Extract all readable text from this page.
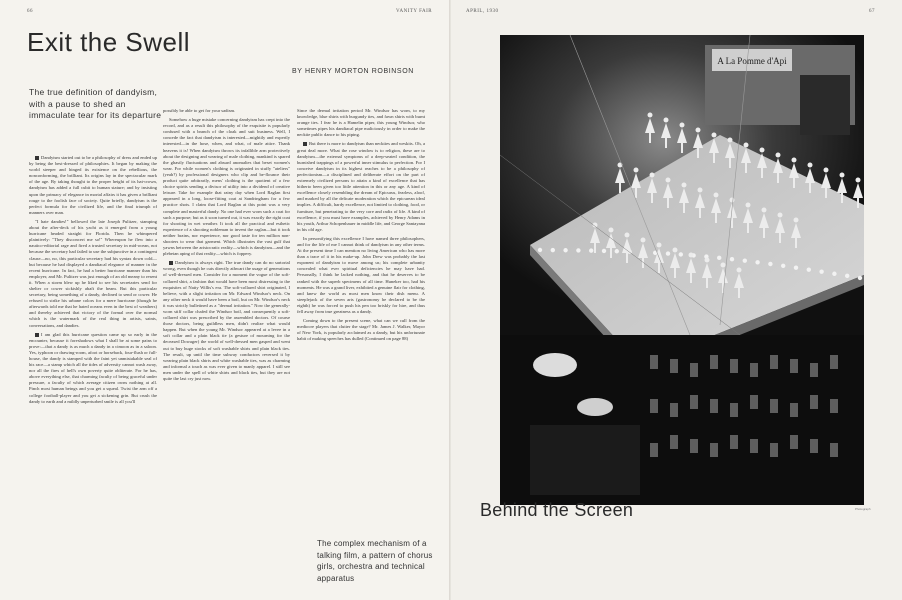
66	VANITY FAIR
Exit the Swell
BY HENRY MORTON ROBINSON
The true definition of dandyism, with a pause to shed an immaculate tear for its departure

Dandyism started out to be a philosophy of dress and ended up by being the best-dressed of philosophies. It began by making the world steeper and hinged its existence on the rebellious, the nonconforming, the brilliant. Its origins lay in the spectacular mark of the age. By taking thought to the proper height of its hat-crown, dandyism has added a full cubit to human stature; and by insisting upon the primacy of elegance in mortal affairs it has given a brilliant rouge to the foolish face of society. Quite briefly, dandyism is the perfect formula for the civilized life, and the final triumph of manners over man.

"I hate dandies!" bellowed the late Joseph Pulitzer, stamping about the after-deck of his yacht as it emerged from a young hurricane headed straight for Florida. Then he whimpered plaintively: "They disconcert me so!" Whereupon he flew into a nautico-editorial rage and fired a trusted secretary in mid-ocean, not because the secretary had failed to use the subjunctive in a contingent clause—no, no, this particular secretary had his syntax down cold—but because he had displayed a dandiacal elegance of manner in the recent hurricane. In fact, he had a better hurricane manner than his employer, and Mr. Pulitzer was just enough of an old meany to resent it. When a storm blew up he liked to see his secretaries send for shelter or cower sickishly abaft the beam. But this particular secretary, being something of a dandy, declined to send or cower. He refused to strike his urbane colors for a mere hurricane (though he afterwards told me that he hated oceans even in the best of weathers) and thereby achieved that victory of the formal over the normal which is the watermark of the real thing in artists, saints, conversations, and dandies.

I am glad this hurricane question came up so early in the encounter, because it foreshadows what I shall be at some pains to prove:—that a dandy is as much a dandy in a cimoon as in a saloon. Yes, typhoon or drawing-room, afoot or horseback, four-flush or full-house, the dandy is stamped with the faint yet unmistakable seal of his race—a stamp which all the tides of adversity cannot wash away, nor all the fires of hell's own poverty quite obliterate. For he has, above everything else, that charming faculty of being graceful under pressure, a faculty of which average citizen owns nothing at all. Pinch most human beings and you get a squeal. Twist the arm off a college football-player and you get a sickening grin. But crush the dandy to earth and a mildly unperturbed smile is all you'll

possibly be able to get for your sadism.

Somehow a huge mistake concerning dandyism has crept into the record, and as a result this philosophy of the exquisite is popularly confused with a branch of the cloak and suit business. Well, I concede the fact that dandyism is interested—mightily and expertly interested—in the hose, when, and what, of male attire. Thank heavens it is! When dandyism throws its infallible arm protectively about the designing and wearing of male clothing, mankind is spared the ghastly fluctuations and absurd anomalies that beset women's wear. For while women's clothing is originated in stuffy "ateliers" (yeah?) by professional designers who clip and be-flounce their product quite arbitrarily, mens' clothing is the quotient of a few choice spirits sending a divisor of utility into a dividend of creative leisure. Take for example that rainy day when Lord Raglan first appeared in a long, loose-fitting coat at Sandringham for a few practice shots. I claim that Lord Raglan at this point was a very complete and masterful dandy. No one had ever worn such a coat for such a purpose; but as it soon turned out, it was exactly the right coat for shooting in wet weather. It took all the practical and esthetic experience of a shooting nobleman to invent the raglan—but it took neither brains, nor experience, nor good taste for ten million non-shooters to wear that garment. Which illustrates the vast gulf that yawns between the aristocratic reality—which is dandyism—and the plebeian aping of that reality—which is foppery.

Dandyism is always right. The true dandy can do no sartorial wrong, even though he cuts directly athwart the usage of generations of well-dressed men. Consider for a moment the vogue of the soft-collared shirt, a fashion that would have been most distressing to the exquisites of Natty Willis's era. The soft-collared shirt originated, I believe, with a slight irritation on Mr. Edward Windsor's neck. On any other neck it would have been a boil, but on Mr. Windsor's neck it was strictly bulletined as a "dermal irritation." Now the generally-worn stiff collar chafed the Windsor boil, and consequently a soft-collared shirt was prescribed by the assembled doctors. Of course those doctors, being guildless men, didn't realize what would happen. But when the young Mr. Windsor appeared at a levee in a soft collar and a plain black tie (a gesture of mourning for the deceased Dowager) the world of well-dressed men gasped and went out to buy huge stocks of soft washable shirts and plain black ties. The result, up until the time subway conductors reversed it by wearing plain black shirts and white washable ties, was as charming and informal a touch as was ever given to manly apparel. I still see men under the spell of white shirts and black ties, but they are not quite the last cry just now.

Since the dermal irritation period Mr. Windsor has worn, to my knowledge, blue shirts with burgundy ties, and fawn shirts with burnt orange ties. I fear he is a Hamelin piper, this young Windsor, who sometimes pipes his dandiacal pipe maliciously in order to make the necktie public dance to his piping.

But there is more to dandyism than neckties and weskits. Oh, a great deal more. What the rose window is to religion, these are to dandyism—the external symptoms of a deep-seated condition, the burnished trappings of a powerful inner stimulus to perfection. For I conceive dandyism in its highest reaches to be a philosophy of perfectionism—a disciplined and deliberate effort on the part of extremely civilized persons to attain a kind of excellence that has hitherto been given too little attention in this or any age. A kind of excellence closely resembling the dream of Epicurus, fearless, aloof, and marked by all the delicate moderation which the epicurean ideal implies. A difficult, hardy excellence, not limited to clothing, food, or furniture, but penetrating to the very core and radix of life. A kind of excellence, if you must have examples, achieved by Henry Adams in his youth, Arthur Schopenhauer in middle life, and George Santayana in his old age.

In personifying this excellence I have named three philosophers, and for the life of me I cannot think of dandyism in any other terms. At the present time I can mention no living American who has more than a trace of it in his make-up. John Drew was probably the last exponent of dandyism to move among us; his complete urbanity concealed what ever spiritual deficiencies he may have had. Personally, I think he lacked nothing, and that he deserves to be ranked with the superb specimens of all time. Huneker too, had his moments. He was a grand liver, exhibited a genuine flair for clothing, and knew the world as most men know their dish menu. A steeplejack of the seven arts (gastronomy he declared to be the eighth) he was forced to push his pen too briskly for hire, and thus fell away from true greatness as a dandy.

Coming down to the present scene, what can we cull from the mediocre players that clutter the stage? Mr. James J. Walker, Mayor of New York, is popularly acclaimed as a dandy, but his unfortunate habit of making speeches has dulled (Continued on page 88)

APRIL, 1930	67
A La Pomme d'Api
Photograph
Behind the Screen
The complex mechanism of a talking film, a pattern of chorus girls, orchestra and technical apparatus
